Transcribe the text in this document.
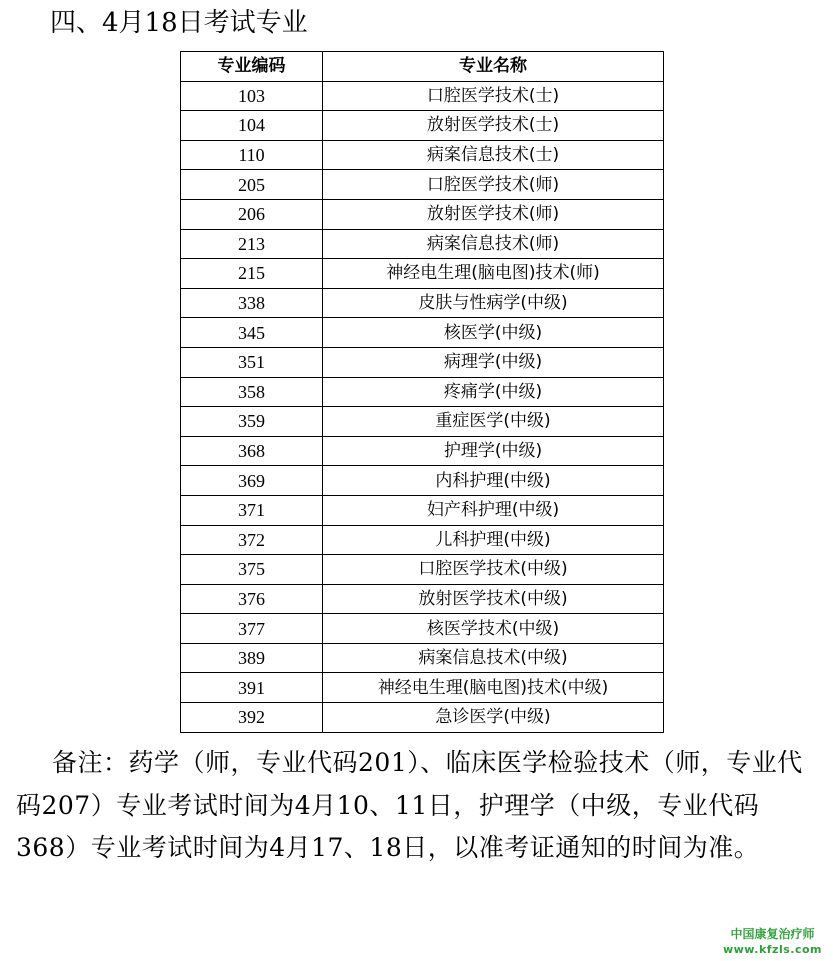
四、4月18日考试专业
专业编码	专业名称
103	口腔医学技术(士)
104	放射医学技术(士)
110	病案信息技术(士)
205	口腔医学技术(师)
206	放射医学技术(师)
213	病案信息技术(师)
215	神经电生理(脑电图)技术(师)
338	皮肤与性病学(中级)
345	核医学(中级)
351	病理学(中级)
358	疼痛学(中级)
359	重症医学(中级)
368	护理学(中级)
369	内科护理(中级)
371	妇产科护理(中级)
372	儿科护理(中级)
375	口腔医学技术(中级)
376	放射医学技术(中级)
377	核医学技术(中级)
389	病案信息技术(中级)
391	神经电生理(脑电图)技术(中级)
392	急诊医学(中级)
备注：药学（师，专业代码201）、临床医学检验技术（师，专业代码207）专业考试时间为4月10、11日，护理学（中级，专业代码368）专业考试时间为4月17、18日，以准考证通知的时间为准。
中国康复治疗师
www.kfzls.com
